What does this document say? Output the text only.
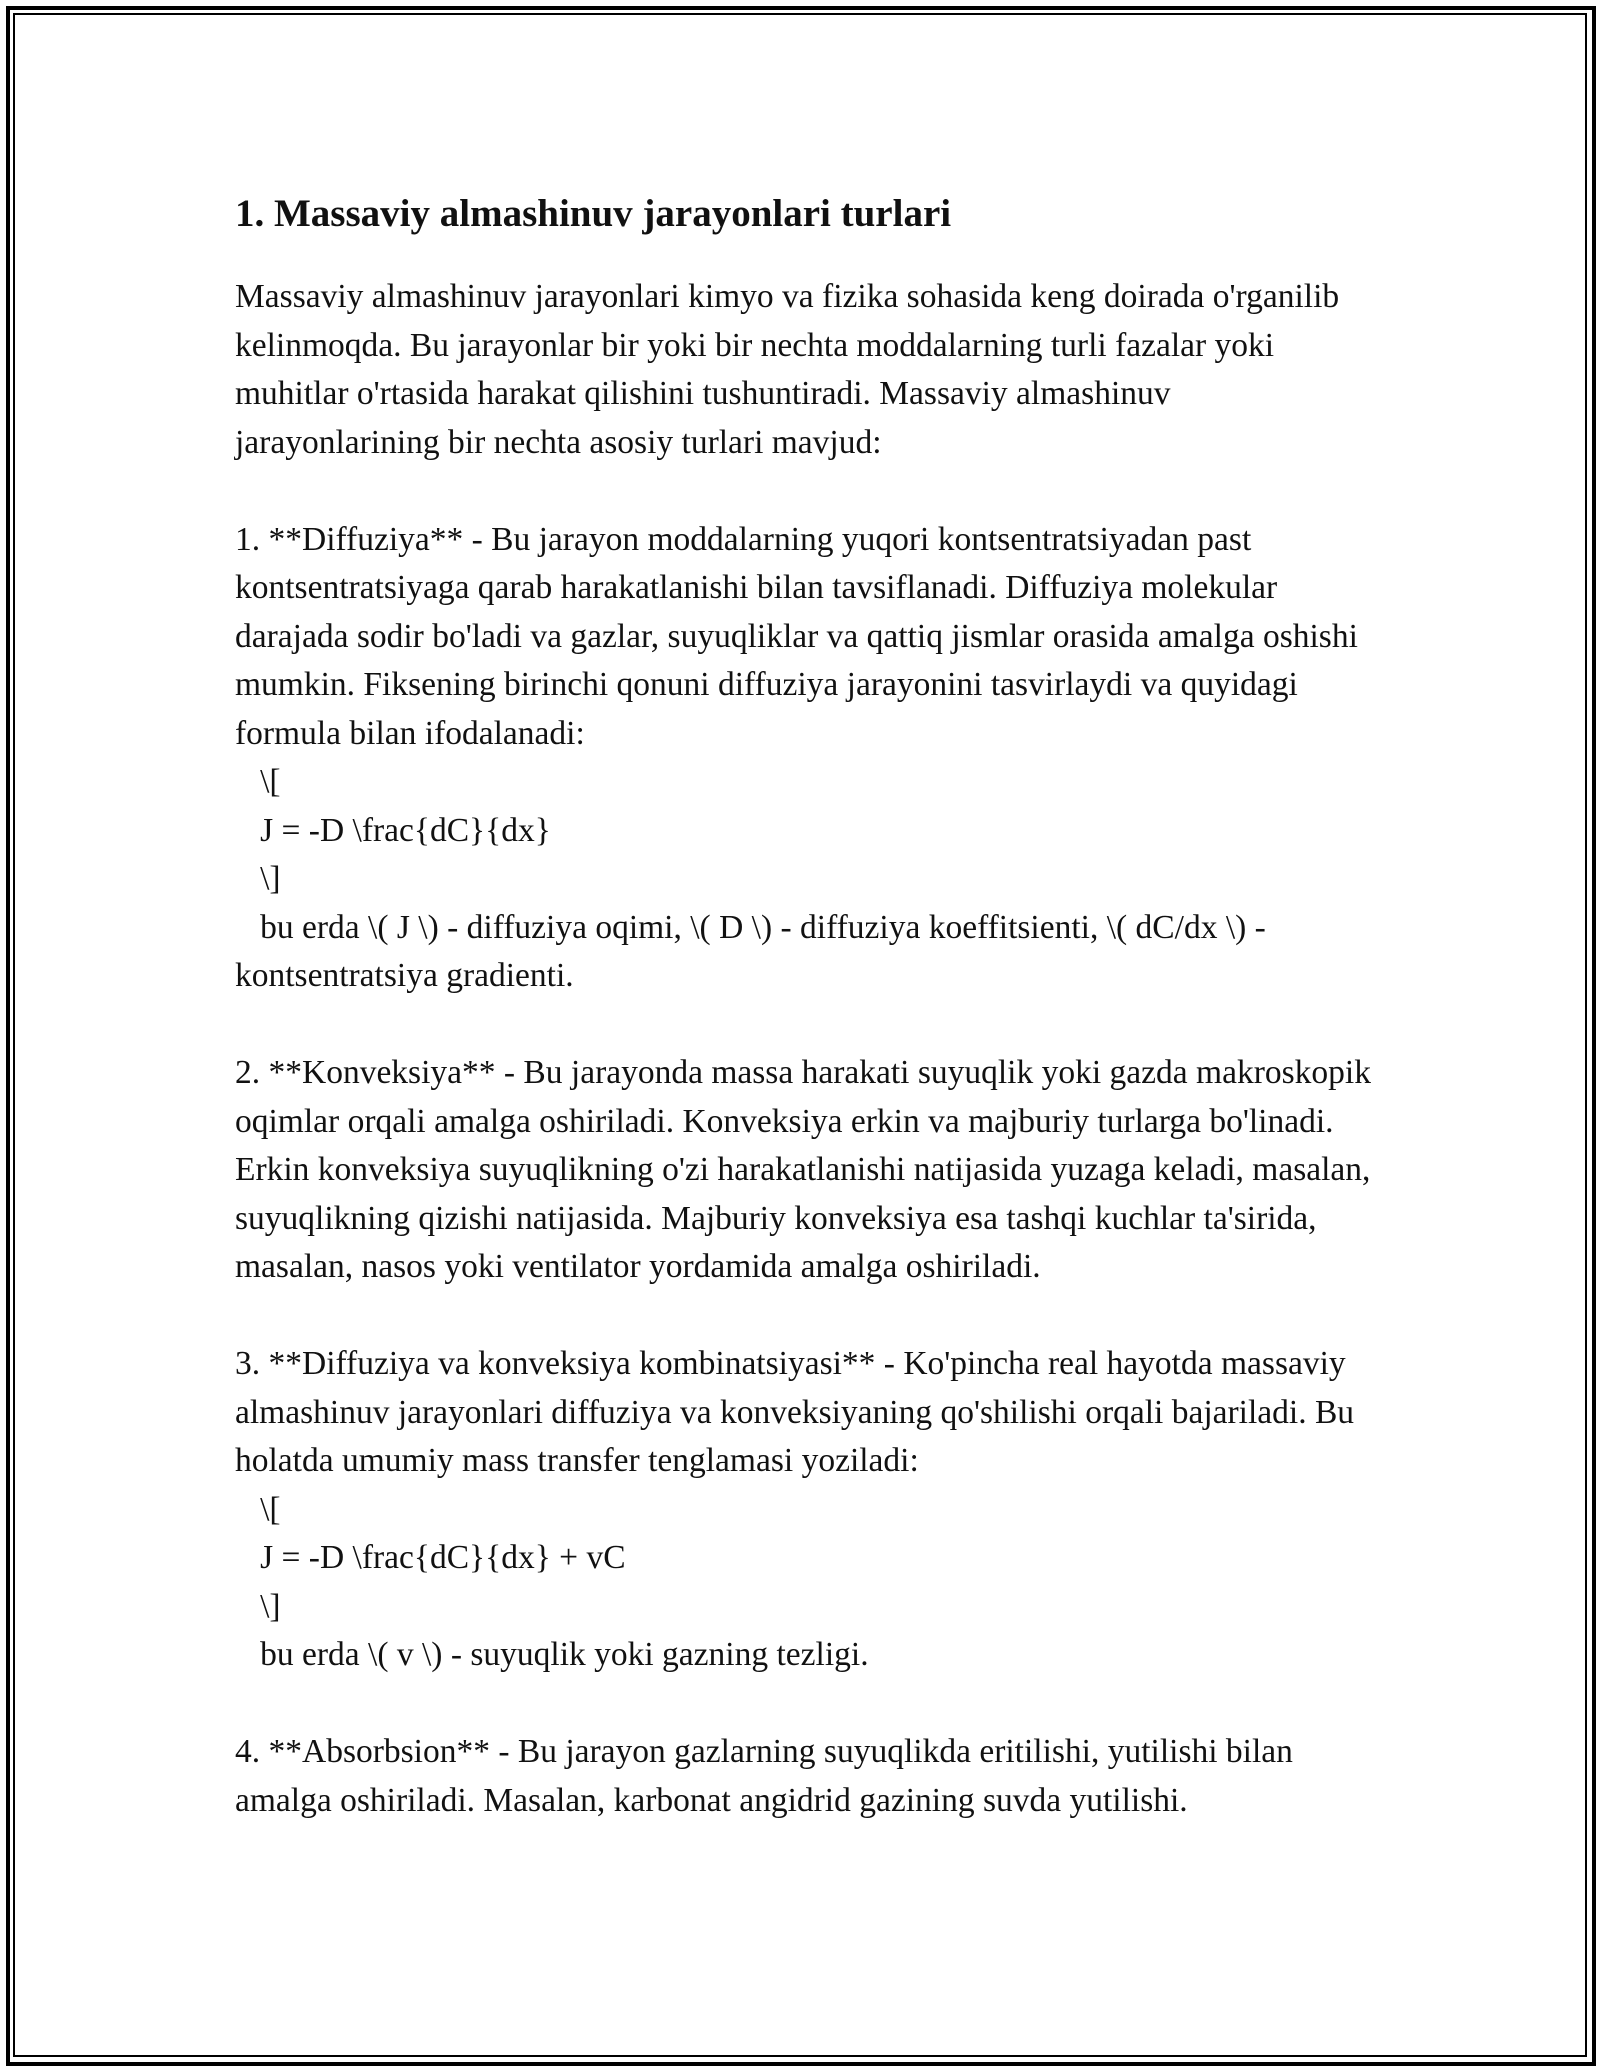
1. Massaviy almashinuv jarayonlari turlari

Massaviy almashinuv jarayonlari kimyo va fizika sohasida keng doirada o'rganilib kelinmoqda. Bu jarayonlar bir yoki bir nechta moddalarning turli fazalar yoki muhitlar o'rtasida harakat qilishini tushuntiradi. Massaviy almashinuv jarayonlarining bir nechta asosiy turlari mavjud:

1. **Diffuziya** - Bu jarayon moddalarning yuqori kontsentratsiyadan past kontsentratsiyaga qarab harakatlanishi bilan tavsiflanadi. Diffuziya molekular darajada sodir bo'ladi va gazlar, suyuqliklar va qattiq jismlar orasida amalga oshishi mumkin. Fiksening birinchi qonuni diffuziya jarayonini tasvirlaydi va quyidagi formula bilan ifodalanadi:
\[
J = -D \frac{dC}{dx}
\]
bu erda \( J \) - diffuziya oqimi, \( D \) - diffuziya koeffitsienti, \( dC/dx \) - kontsentratsiya gradienti.

2. **Konveksiya** - Bu jarayonda massa harakati suyuqlik yoki gazda makroskopik oqimlar orqali amalga oshiriladi. Konveksiya erkin va majburiy turlarga bo'linadi. Erkin konveksiya suyuqlikning o'zi harakatlanishi natijasida yuzaga keladi, masalan, suyuqlikning qizishi natijasida. Majburiy konveksiya esa tashqi kuchlar ta'sirida, masalan, nasos yoki ventilator yordamida amalga oshiriladi.

3. **Diffuziya va konveksiya kombinatsiyasi** - Ko'pincha real hayotda massaviy almashinuv jarayonlari diffuziya va konveksiyaning qo'shilishi orqali bajariladi. Bu holatda umumiy mass transfer tenglamasi yoziladi:
\[
J = -D \frac{dC}{dx} + vC
\]
bu erda \( v \) - suyuqlik yoki gazning tezligi.

4. **Absorbsion** - Bu jarayon gazlarning suyuqlikda eritilishi, yutilishi bilan amalga oshiriladi. Masalan, karbonat angidrid gazining suvda yutilishi.
